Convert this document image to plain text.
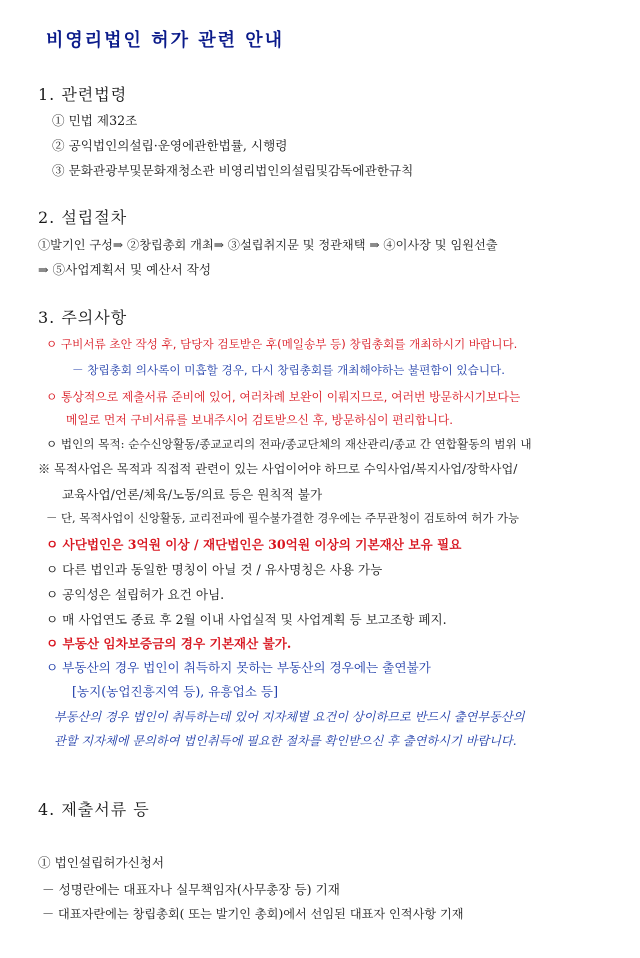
비영리법인 허가 관련 안내
1. 관련법령
① 민법 제32조
② 공익법인의설립·운영에관한법률, 시행령
③ 문화관광부및문화재청소관 비영리법인의설립및감독에관한규칙
2. 설립절차
①발기인 구성⇒ ②창립총회 개최⇒ ③설립취지문 및 정관채택 ⇒ ④이사장 및 임원선출
⇒ ⑤사업계획서 및 예산서 작성
3. 주의사항
ㅇ 구비서류 초안 작성 후, 담당자 검토받은 후(메일송부 등) 창립총회를 개최하시기 바랍니다.
－ 창립총회 의사록이 미흡할 경우, 다시 창립총회를 개최해야하는 불편함이 있습니다.
ㅇ 통상적으로 제출서류 준비에 있어, 여러차례 보완이 이뤄지므로, 여러번 방문하시기보다는
메일로 먼저 구비서류를 보내주시어 검토받으신 후, 방문하심이 편리합니다.
ㅇ 법인의 목적: 순수신앙활동/종교교리의 전파/종교단체의 재산관리/종교 간 연합활동의 범위 내
※ 목적사업은 목적과 직접적 관련이 있는 사업이어야 하므로 수익사업/복지사업/장학사업/
교육사업/언론/체육/노동/의료 등은 원칙적 불가
－ 단, 목적사업이 신앙활동, 교리전파에 필수불가결한 경우에는 주무관청이 검토하여 허가 가능
ㅇ 사단법인은 3억원 이상 / 재단법인은 30억원 이상의 기본재산 보유 필요
ㅇ 다른 법인과 동일한 명칭이 아닐 것 / 유사명칭은 사용 가능
ㅇ 공익성은 설립허가 요건 아님.
ㅇ 매 사업연도 종료 후 2월 이내 사업실적 및 사업계획 등 보고조항 폐지.
ㅇ 부동산 임차보증금의 경우 기본재산 불가.
ㅇ 부동산의 경우 법인이 취득하지 못하는 부동산의 경우에는 출연불가
[농지(농업진흥지역 등), 유흥업소 등]
부동산의 경우 법인이 취득하는데 있어 지자체별 요건이 상이하므로 반드시 출연부동산의
관할 지자체에 문의하여 법인취득에 필요한 절차를 확인받으신 후 출연하시기 바랍니다.
4. 제출서류 등
① 법인설립허가신청서
－ 성명란에는 대표자나 실무책임자(사무총장 등) 기재
－ 대표자란에는 창립총회( 또는 발기인 총회)에서 선임된 대표자 인적사항 기재
